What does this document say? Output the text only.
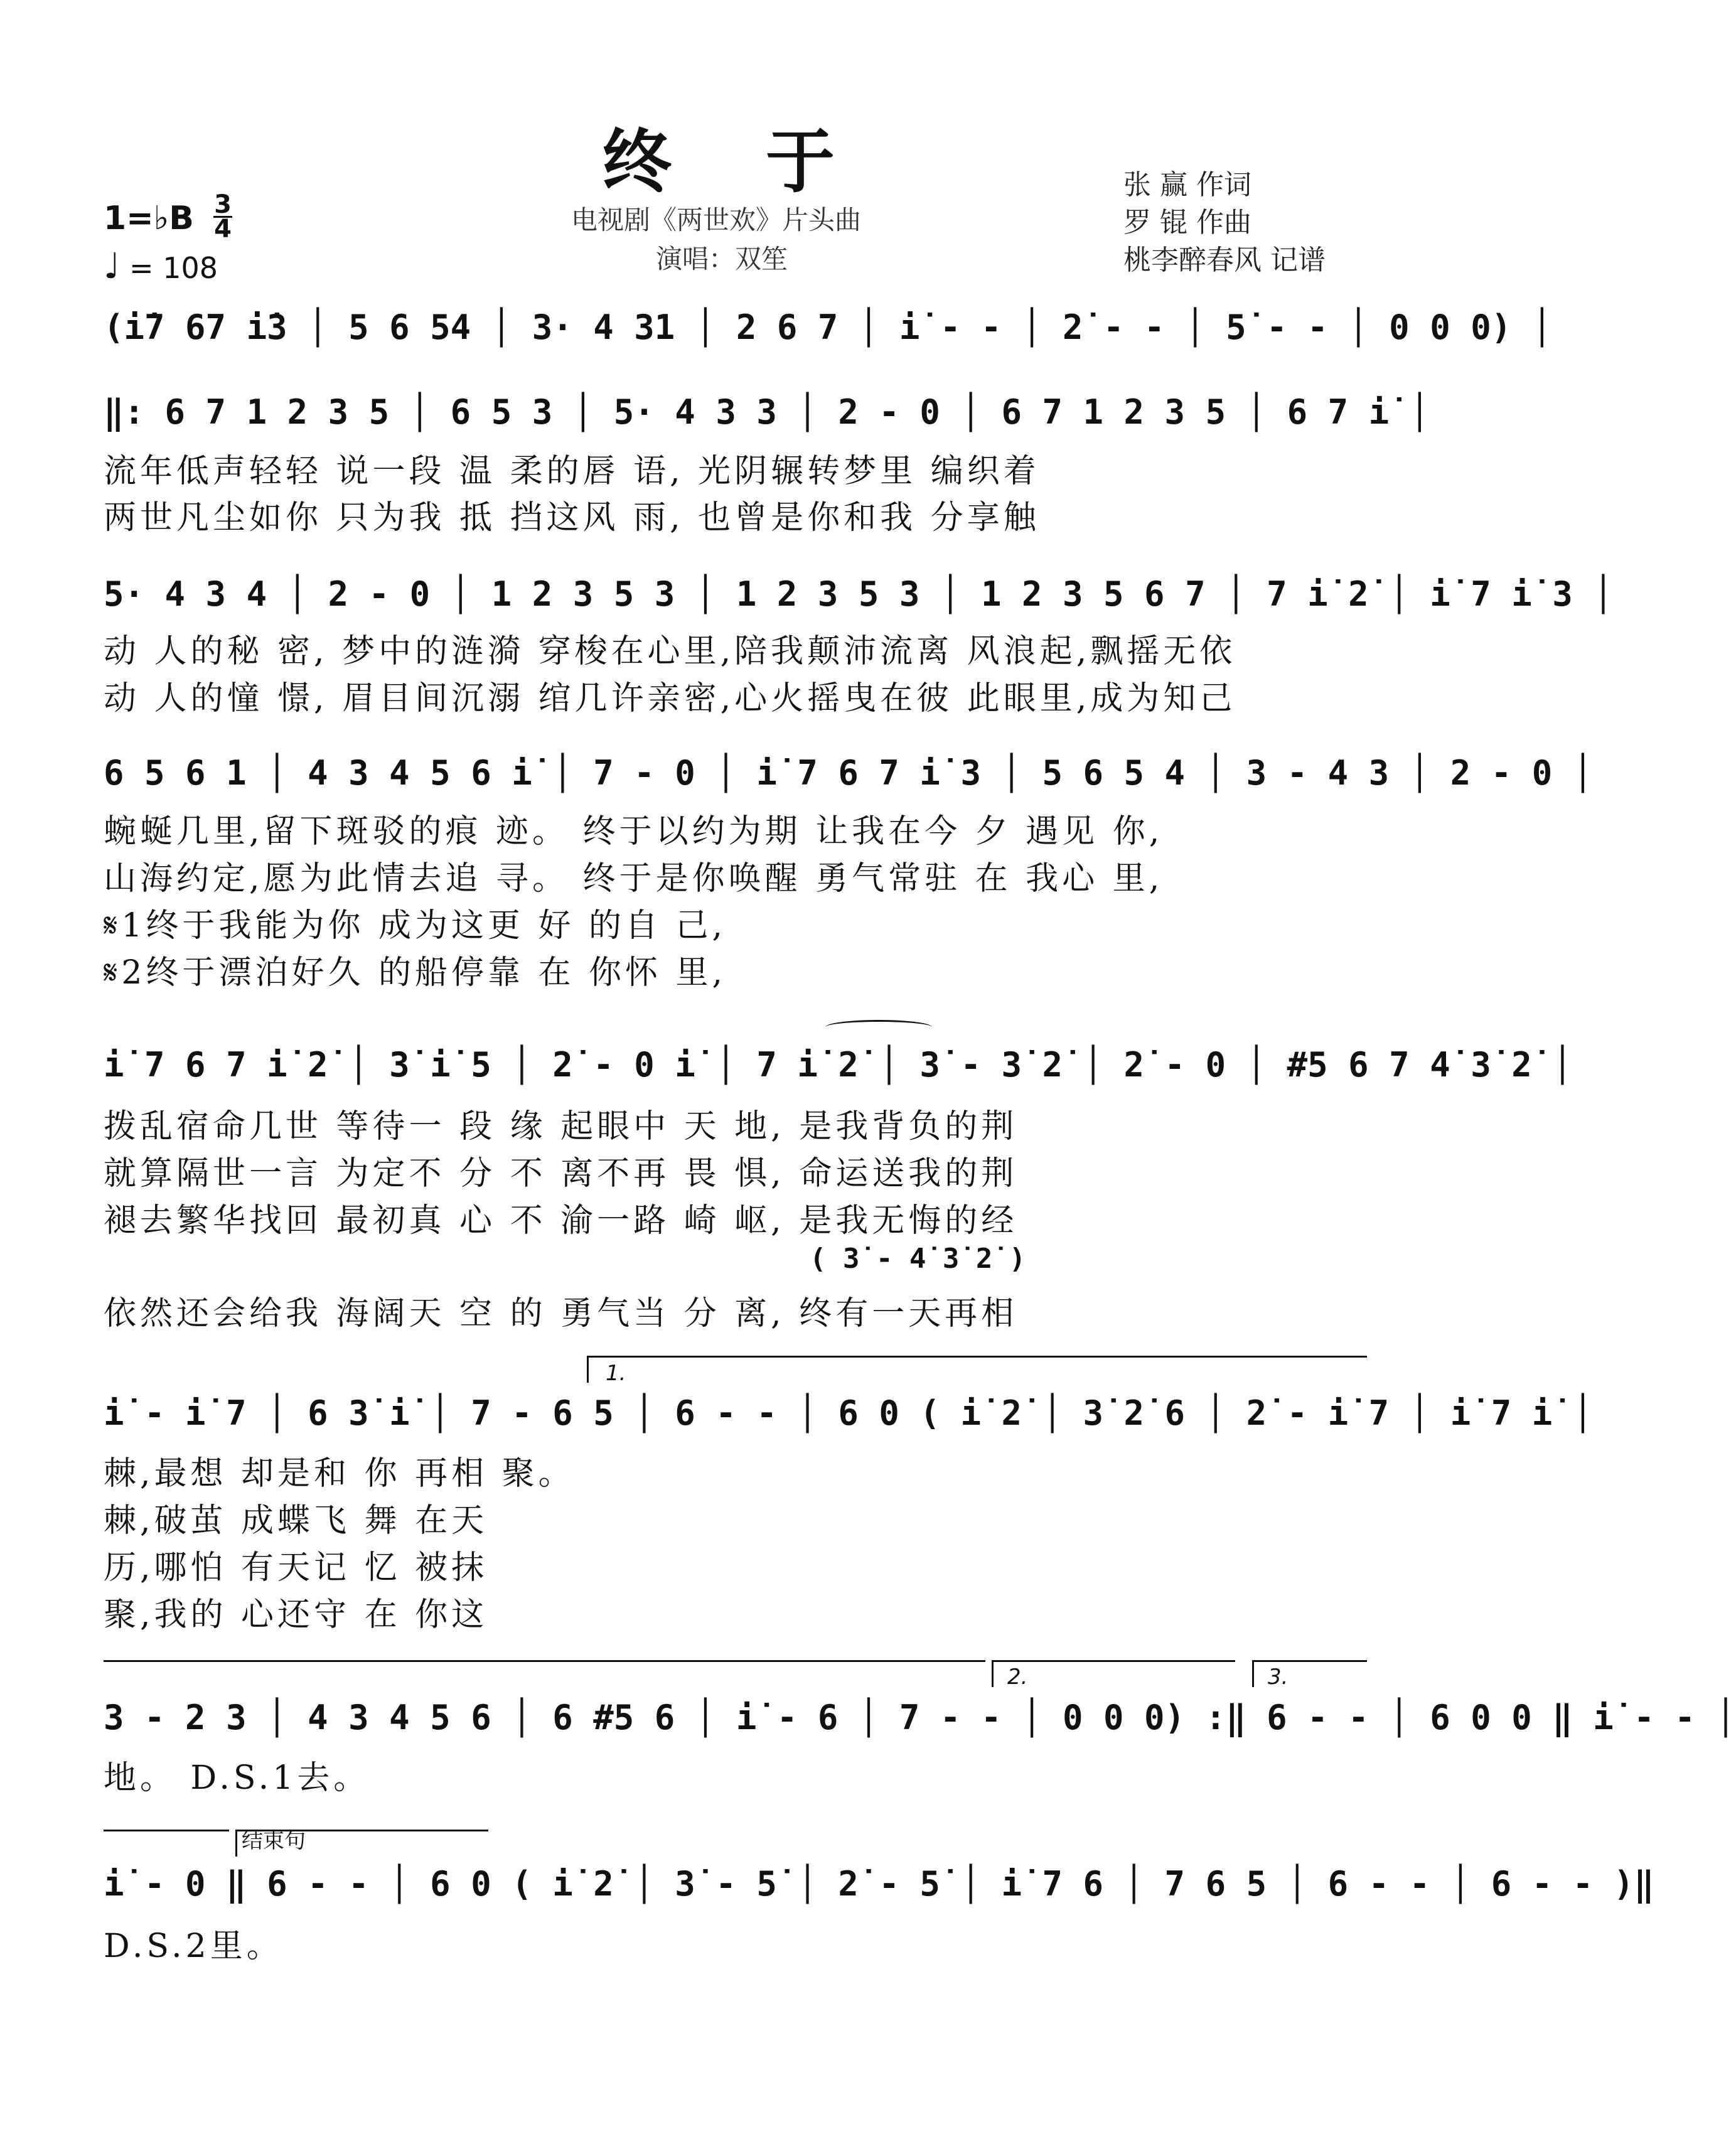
终于
电视剧《两世欢》片头曲
演唱：双笙
张 赢 作词
罗 锟 作曲
桃李醉春风 记谱
1=♭B 3
4
♩ = 108
(i̇7 67 i̇3 │ 5 6 54 │ 3· 4 31 │ 2 6 7 │ i̇ - - │ 2̇ - - │ 5̇ - - │ 0 0 0) │
‖: 6 7 1 2 3 5 │ 6 5 3 │ 5· 4 3 3 │ 2 - 0 │ 6 7 1 2 3 5 │ 6 7 i̇ │
流年低声轻轻 说一段 温 柔的唇 语, 光阴辗转梦里 编织着
两世凡尘如你 只为我 抵 挡这风 雨, 也曾是你和我 分享触
5· 4 3 4 │ 2 - 0 │ 1 2 3 5 3 │ 1 2 3 5 3 │ 1 2 3 5 6 7 │ 7 i̇ 2̇ │ i̇ 7 i̇ 3 │
动 人的秘 密, 梦中的涟漪 穿梭在心里,陪我颠沛流离 风浪起,飘摇无依
动 人的憧 憬, 眉目间沉溺 绾几许亲密,心火摇曳在彼 此眼里,成为知己
6 5 6 1 │ 4 3 4 5 6 i̇ │ 7 - 0 │ i̇ 7 6 7 i̇ 3 │ 5 6 5 4 │ 3 - 4 3 │ 2 - 0 │
蜿蜒几里,留下斑驳的痕 迹。 终于以约为期 让我在今 夕 遇见 你,
山海约定,愿为此情去追 寻。 终于是你唤醒 勇气常驻 在 我心 里,
𝄋1终于我能为你 成为这更 好 的自 己,
𝄋2终于漂泊好久 的船停靠 在 你怀 里,
i̇ 7 6 7 i̇ 2̇ │ 3̇ i̇ 5 │ 2̇ - 0 i̇ │ 7 i̇ 2̇ │ 3̇ - 3̇ 2̇ │ 2̇ - 0 │ #5 6 7 4̇ 3̇ 2̇ │
拨乱宿命几世 等待一 段 缘 起眼中 天 地, 是我背负的荆
就算隔世一言 为定不 分 不 离不再 畏 惧, 命运送我的荆
褪去繁华找回 最初真 心 不 渝一路 崎 岖, 是我无悔的经
( 3̇ - 4̇ 3̇ 2̇ )
依然还会给我 海阔天 空 的 勇气当 分 离, 终有一天再相
1.
i̇ - i̇ 7 │ 6 3̇ i̇ │ 7 - 6 5 │ 6 - - │ 6 0 ( i̇ 2̇ │ 3̇ 2̇ 6 │ 2̇ - i̇ 7 │ i̇ 7 i̇ │
棘,最想 却是和 你 再相 聚。
棘,破茧 成蝶飞 舞 在天
历,哪怕 有天记 忆 被抹
聚,我的 心还守 在 你这
2.	3.
3 - 2 3 │ 4 3 4 5 6 │ 6 #5 6 │ i̇ - 6 │ 7 - - │ 0 0 0) :‖ 6 - - │ 6 0 0 ‖ i̇ - - │
地。 D.S.1去。
结束句
i̇ - 0 ‖ 6 - - │ 6 0 ( i̇ 2̇ │ 3̇ - 5̇ │ 2̇ - 5̇ │ i̇ 7 6 │ 7 6 5 │ 6 - - │ 6 - - )‖
D.S.2里。
